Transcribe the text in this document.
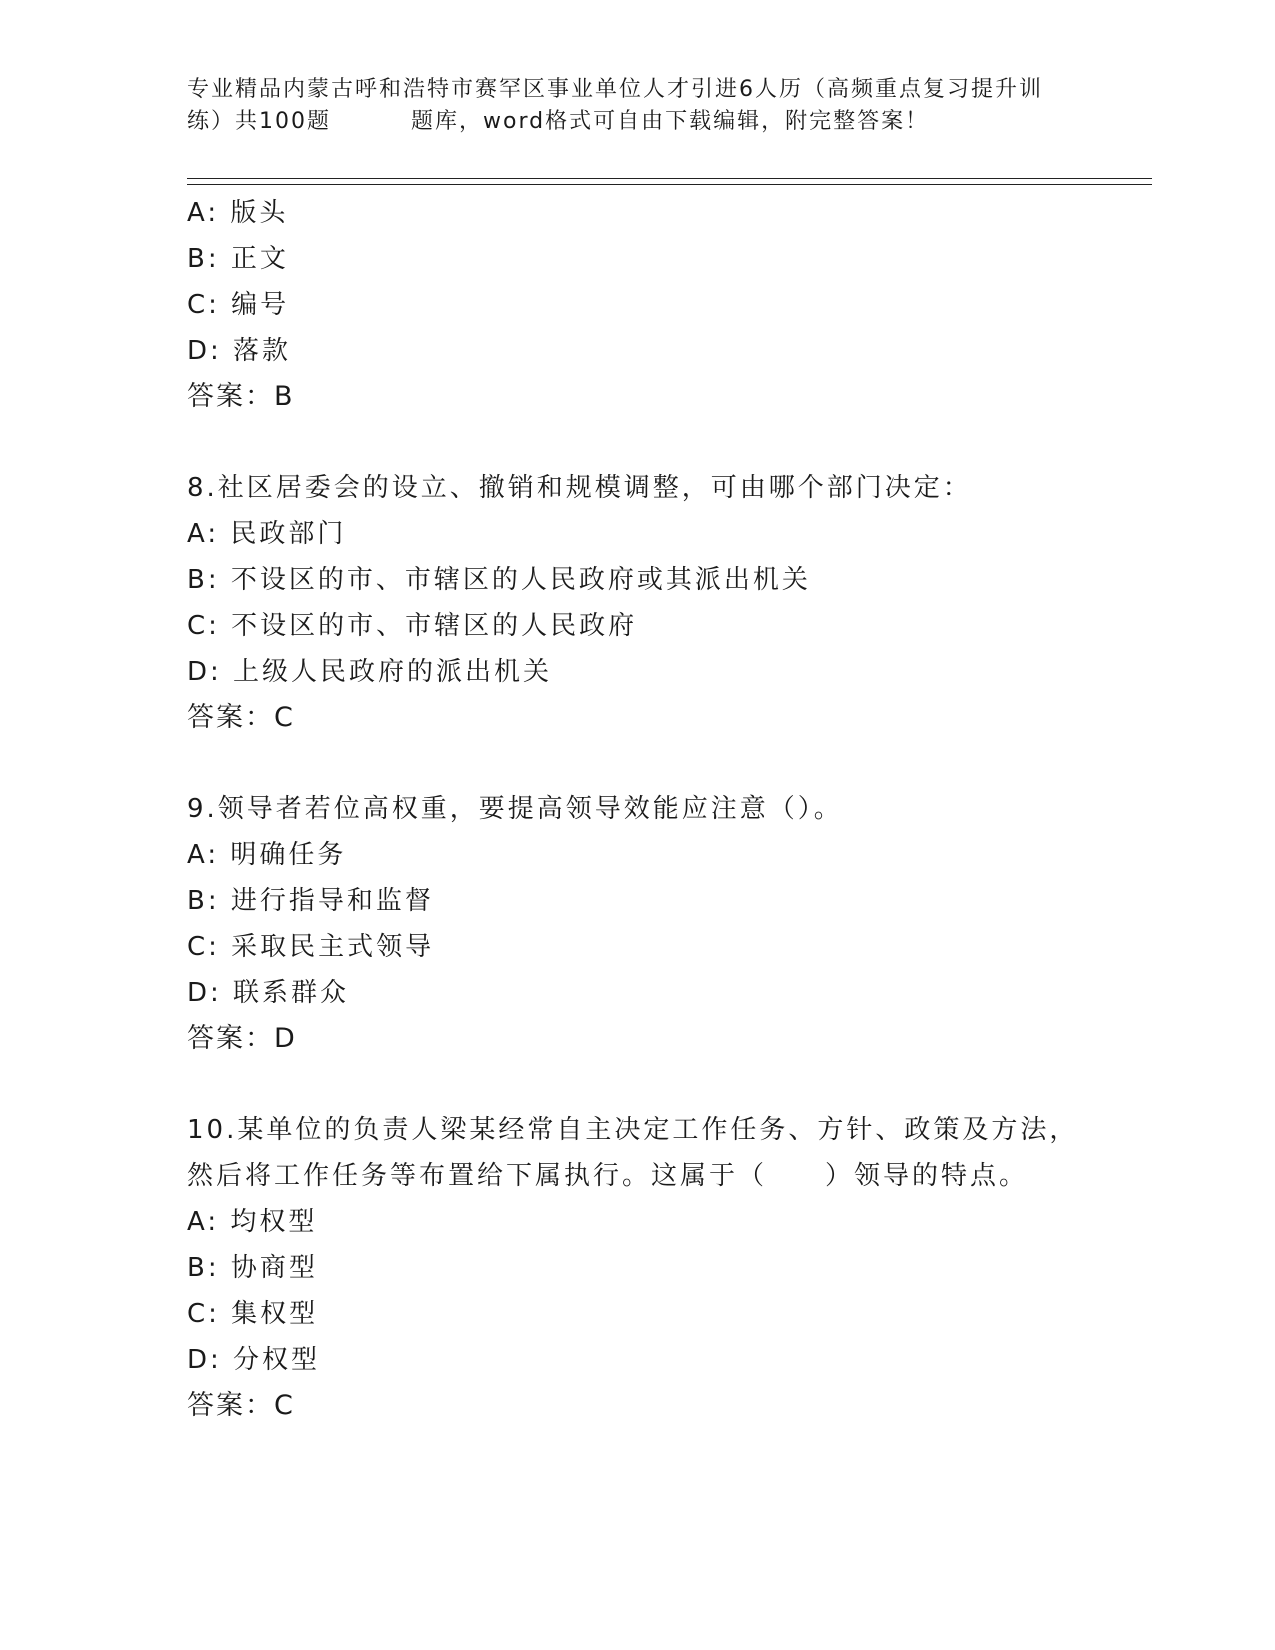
专业精品内蒙古呼和浩特市赛罕区事业单位人才引进6人历（高频重点复习提升训
练）共100题	题库，word格式可自由下载编辑，附完整答案！
A: 版头
B: 正文
C: 编号
D: 落款
答案：B
8.社区居委会的设立、撤销和规模调整，可由哪个部门决定：
A: 民政部门
B: 不设区的市、市辖区的人民政府或其派出机关
C: 不设区的市、市辖区的人民政府
D: 上级人民政府的派出机关
答案：C
9.领导者若位高权重，要提高领导效能应注意（）。
A: 明确任务
B: 进行指导和监督
C: 采取民主式领导
D: 联系群众
答案：D
10.某单位的负责人梁某经常自主决定工作任务、方针、政策及方法，
然后将工作任务等布置给下属执行。这属于（　　）领导的特点。
A: 均权型
B: 协商型
C: 集权型
D: 分权型
答案：C
